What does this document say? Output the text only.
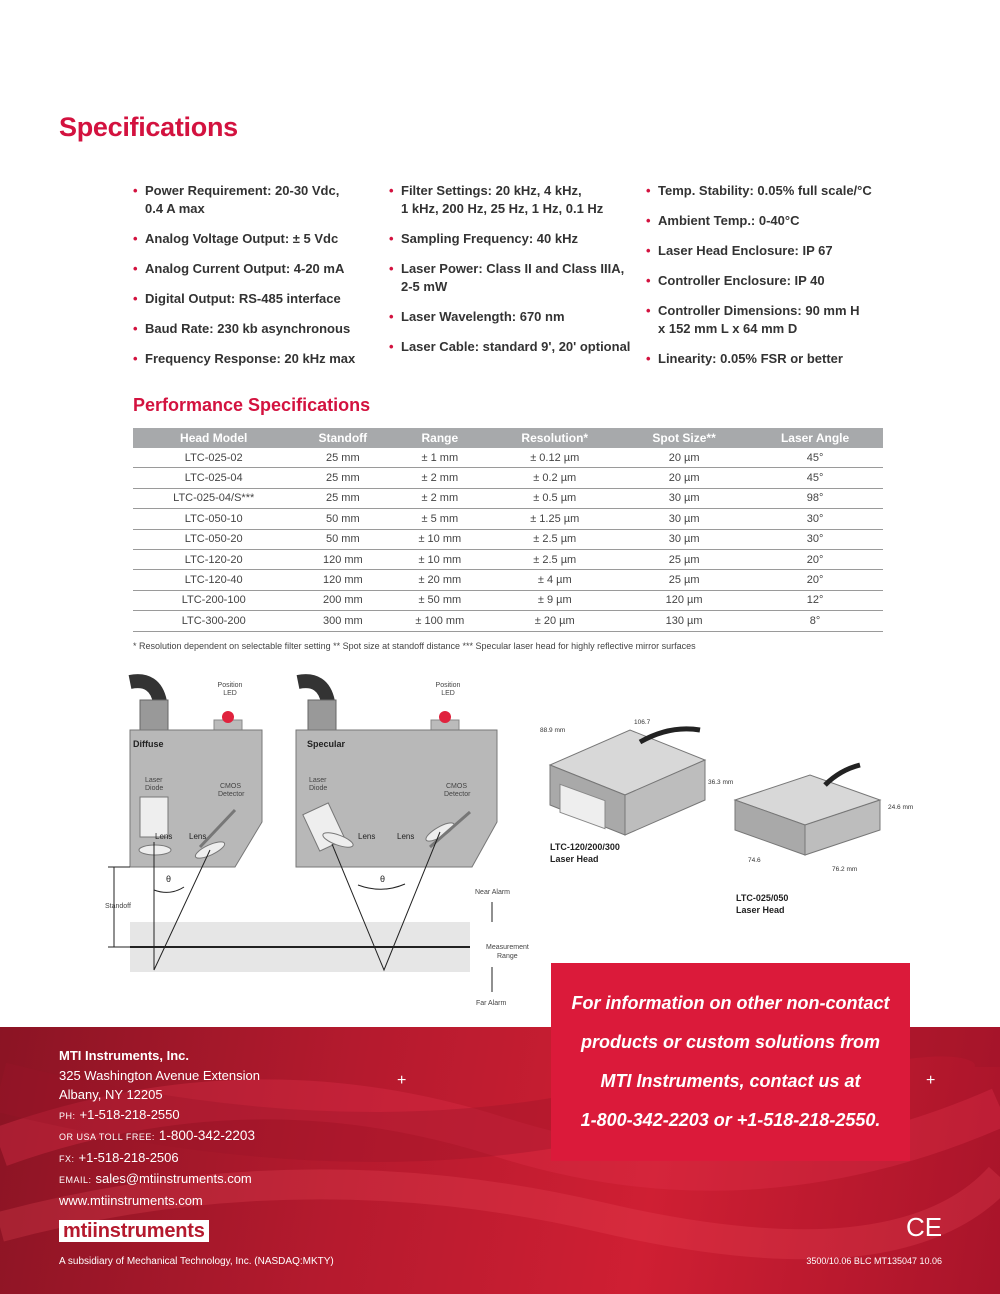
Specifications
• Power Requirement: 20-30 Vdc,
0.4 A max
• Analog Voltage Output: ± 5 Vdc
• Analog Current Output: 4-20 mA
• Digital Output: RS-485 interface
• Baud Rate: 230 kb asynchronous
• Frequency Response: 20 kHz max
• Filter Settings: 20 kHz, 4 kHz,
1 kHz, 200 Hz, 25 Hz, 1 Hz, 0.1 Hz
• Sampling Frequency: 40 kHz
• Laser Power: Class II and Class IIIA,
2-5 mW
• Laser Wavelength: 670 nm
• Laser Cable: standard 9', 20' optional
• Temp. Stability: 0.05% full scale/°C
• Ambient Temp.: 0-40°C
• Laser Head Enclosure: IP 67
• Controller Enclosure: IP 40
• Controller Dimensions: 90 mm H
x 152 mm L x 64 mm D
• Linearity: 0.05% FSR or better
Performance Specifications
Head Model	Standoff	Range	Resolution*	Spot Size**	Laser Angle
LTC-025-02	25 mm	± 1 mm	± 0.12 µm	20 µm	45°
LTC-025-04	25 mm	± 2 mm	± 0.2 µm	20 µm	45°
LTC-025-04/S***	25 mm	± 2 mm	± 0.5 µm	30 µm	98°
LTC-050-10	50 mm	± 5 mm	± 1.25 µm	30 µm	30°
LTC-050-20	50 mm	± 10 mm	± 2.5 µm	30 µm	30°
LTC-120-20	120 mm	± 10 mm	± 2.5 µm	25 µm	20°
LTC-120-40	120 mm	± 20 mm	± 4 µm	25 µm	20°
LTC-200-100	200 mm	± 50 mm	± 9 µm	120 µm	12°
LTC-300-200	300 mm	± 100 mm	± 20 µm	130 µm	8°
* Resolution dependent on selectable filter setting ** Spot size at standoff distance *** Specular laser head for highly reflective mirror surfaces
Position
LED
Position
LED
Diffuse	Specular
Laser
Diode	CMOS
Detector
Laser
Diode	CMOS
Detector
Lens Lens	Lens	Lens
θ	θ
Standoff
Near Alarm
Measurement
Range
Far Alarm
88.9 mm
106.7
36.3 mm
LTC-120/200/300
Laser Head
24.6 mm
74.6
76.2 mm
LTC-025/050
Laser Head
+	+
For information on other non-contact
products or custom solutions from
MTI Instruments, contact us at
1-800-342-2203 or +1-518-218-2550.
MTI Instruments, Inc.
325 Washington Avenue Extension
Albany, NY 12205
PH: +1-518-218-2550
OR USA TOLL FREE: 1-800-342-2203
FX: +1-518-218-2506
EMAIL: sales@mtiinstruments.com
www.mtiinstruments.com
mtiinstruments
A subsidiary of Mechanical Technology, Inc. (NASDAQ:MKTY)	3500/10.06 BLC MT135047 10.06
CE
